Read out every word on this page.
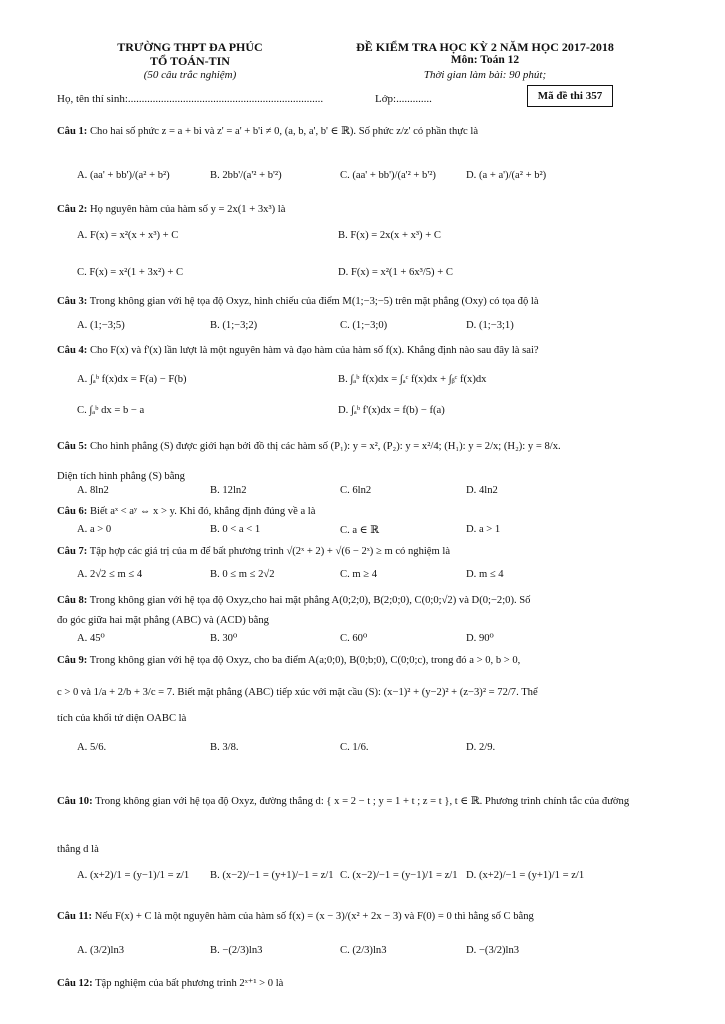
TRƯỜNG THPT ĐA PHÚC
TỔ TOÁN-TIN
(50 câu trắc nghiệm)
ĐỀ KIỂM TRA HỌC KỲ 2 NĂM HỌC 2017-2018
Môn: Toán 12
Thời gian làm bài: 90 phút;
Họ, tên thí sinh:.......................................................................	Lớp:.............	Mã đề thi 357
Câu 1: Cho hai số phức z = a + bi và z' = a' + b'i ≠ 0, (a, b, a', b' ∈ ℝ). Số phức z/z' có phần thực là
A. (aa' + bb')/(a² + b²)	B. 2bb'/(a'² + b'²)	C. (aa' + bb')/(a'² + b'²)	D. (a + a')/(a² + b²)
Câu 2: Họ nguyên hàm của hàm số y = 2x(1 + 3x³) là
A. F(x) = x²(x + x³) + C	B. F(x) = 2x(x + x³) + C
C. F(x) = x²(1 + 3x²) + C	D. F(x) = x²(1 + 6x³/5) + C
Câu 3: Trong không gian với hệ tọa độ Oxyz, hình chiếu của điểm M(1;−3;−5) trên mặt phẳng (Oxy) có tọa độ là
A. (1;−3;5)	B. (1;−3;2)	C. (1;−3;0)	D. (1;−3;1)
Câu 4: Cho F(x) và f'(x) lần lượt là một nguyên hàm và đạo hàm của hàm số f(x). Khẳng định nào sau đây là sai?
A. ∫ₐᵇ f(x)dx = F(a) − F(b)	B. ∫ₐᵇ f(x)dx = ∫ₐᶜ f(x)dx + ∫ᵦᶜ f(x)dx
C. ∫ₐᵇ dx = b − a	D. ∫ₐᵇ f'(x)dx = f(b) − f(a)
Câu 5: Cho hình phẳng (S) được giới hạn bởi đồ thị các hàm số (P₁): y = x², (P₂): y = x²/4; (H₁): y = 2/x; (H₂): y = 8/x.
Diện tích hình phẳng (S) bằng
A. 8ln2	B. 12ln2	C. 6ln2	D. 4ln2
Câu 6: Biết aˣ < aʸ ⇔ x > y. Khi đó, khẳng định đúng về a là
A. a > 0	B. 0 < a < 1	C. a ∈ ℝ	D. a > 1
Câu 7: Tập hợp các giá trị của m để bất phương trình √(2ˣ + 2) + √(6 − 2ˣ) ≥ m có nghiệm là
A. 2√2 ≤ m ≤ 4	B. 0 ≤ m ≤ 2√2	C. m ≥ 4	D. m ≤ 4
Câu 8: Trong không gian với hệ tọa độ Oxyz,cho hai mặt phẳng A(0;2;0), B(2;0;0), C(0;0;√2) và D(0;−2;0). Số
đo góc giữa hai mặt phẳng (ABC) và (ACD) bằng
A. 45⁰	B. 30⁰	C. 60⁰	D. 90⁰
Câu 9: Trong không gian với hệ tọa độ Oxyz, cho ba điểm A(a;0;0), B(0;b;0), C(0;0;c), trong đó a > 0, b > 0,
c > 0 và 1/a + 2/b + 3/c = 7. Biết mặt phẳng (ABC) tiếp xúc với mặt cầu (S): (x−1)² + (y−2)² + (z−3)² = 72/7. Thể
tích của khối tứ diện OABC là
A. 5/6.	B. 3/8.	C. 1/6.	D. 2/9.
Câu 10: Trong không gian với hệ tọa độ Oxyz, đường thẳng d: { x = 2 − t ; y = 1 + t ; z = t }, t ∈ ℝ. Phương trình chính tắc của đường
thẳng d là
A. (x+2)/1 = (y−1)/1 = z/1 B. (x−2)/−1 = (y+1)/−1 = z/1 C. (x−2)/−1 = (y−1)/1 = z/1 D. (x+2)/−1 = (y+1)/1 = z/1
Câu 11: Nếu F(x) + C là một nguyên hàm của hàm số f(x) = (x − 3)/(x² + 2x − 3) và F(0) = 0 thì hằng số C bằng
A. (3/2)ln3	B. −(2/3)ln3	C. (2/3)ln3	D. −(3/2)ln3
Câu 12: Tập nghiệm của bất phương trình 2ˣ⁺¹ > 0 là
